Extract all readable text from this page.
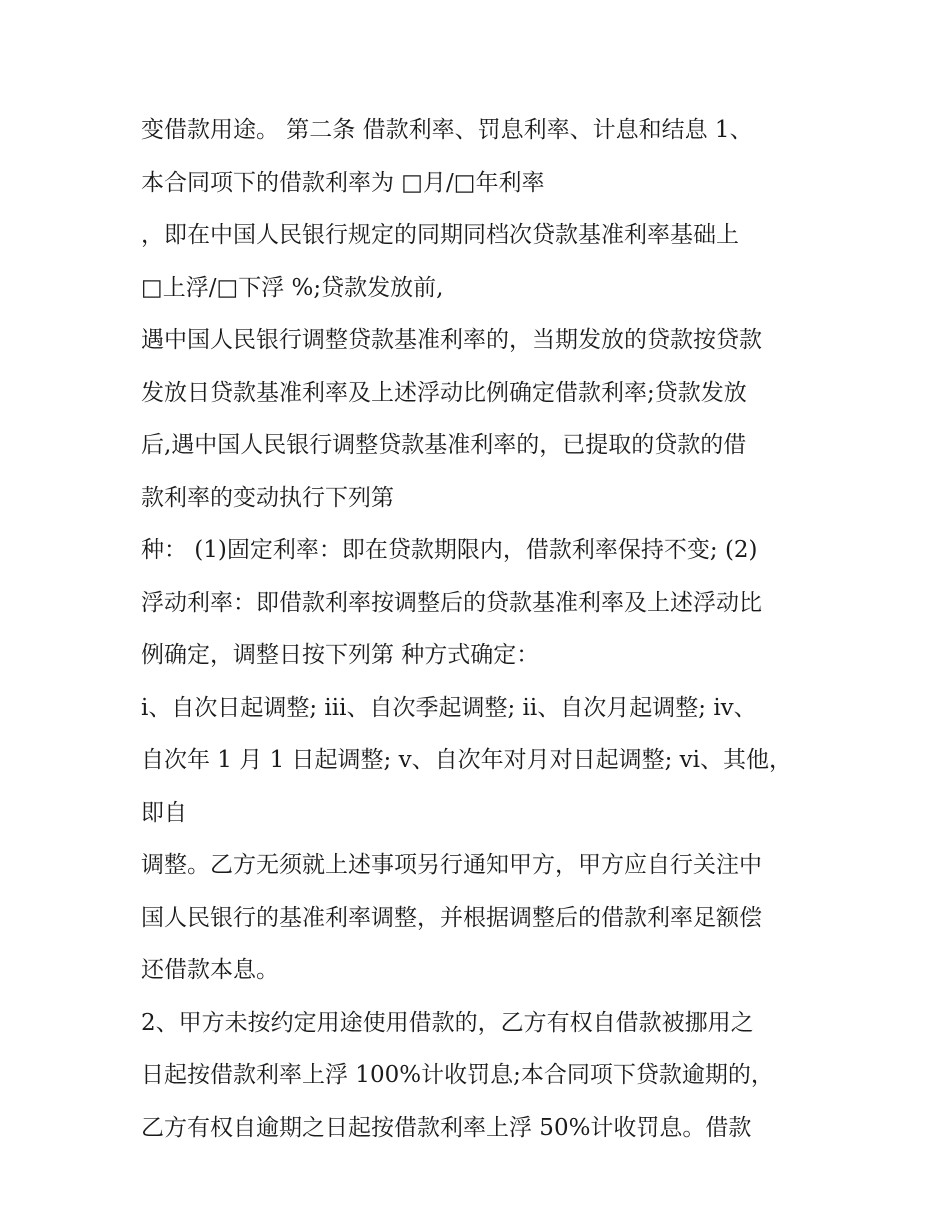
变借款用途。 第二条 借款利率、罚息利率、计息和结息 1、
本合同项下的借款利率为 □月/□年利率
，即在中国人民银行规定的同期同档次贷款基准利率基础上
□上浮/□下浮 %;贷款发放前,
遇中国人民银行调整贷款基准利率的，当期发放的贷款按贷款
发放日贷款基准利率及上述浮动比例确定借款利率;贷款发放
后,遇中国人民银行调整贷款基准利率的，已提取的贷款的借
款利率的变动执行下列第
种： (1)固定利率：即在贷款期限内，借款利率保持不变; (2)
浮动利率：即借款利率按调整后的贷款基准利率及上述浮动比
例确定，调整日按下列第 种方式确定：
i、自次日起调整; iii、自次季起调整; ii、自次月起调整; iv、
自次年 1 月 1 日起调整; v、自次年对月对日起调整; vi、其他，
即自
调整。乙方无须就上述事项另行通知甲方，甲方应自行关注中
国人民银行的基准利率调整，并根据调整后的借款利率足额偿
还借款本息。
2、甲方未按约定用途使用借款的，乙方有权自借款被挪用之
日起按借款利率上浮 100%计收罚息;本合同项下贷款逾期的，
乙方有权自逾期之日起按借款利率上浮 50%计收罚息。借款
